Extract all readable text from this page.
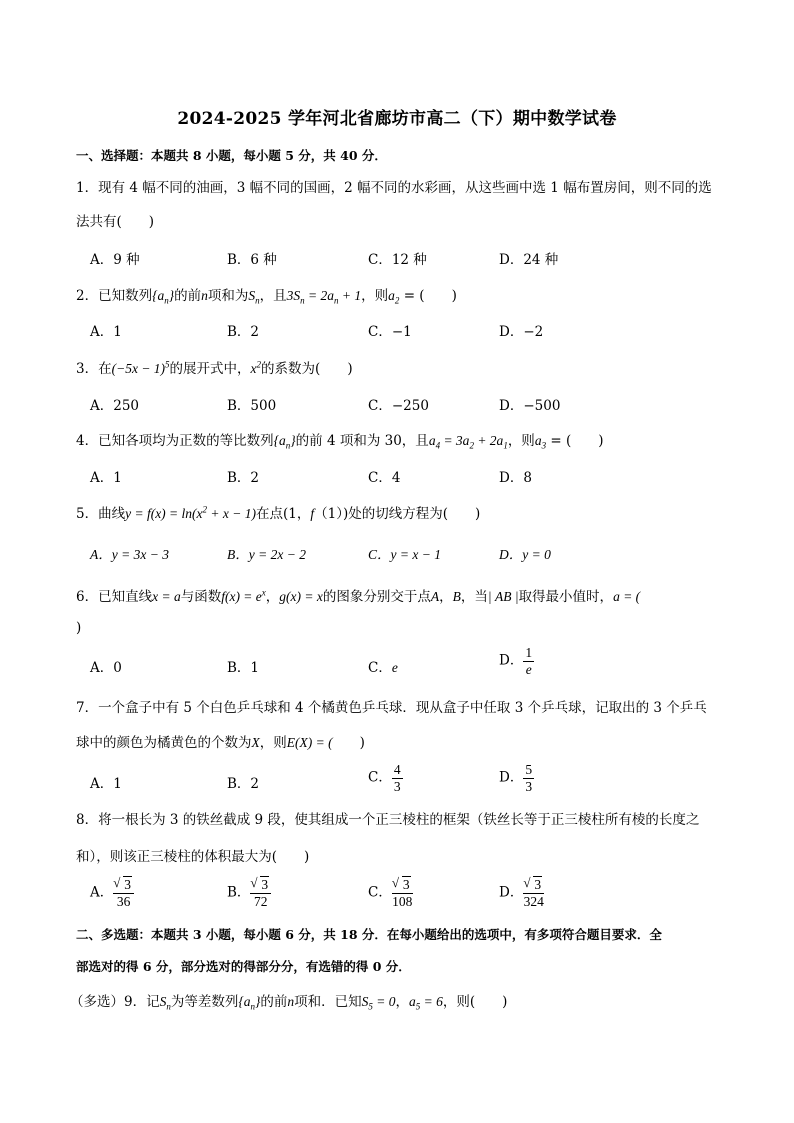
2024-2025 学年河北省廊坊市高二（下）期中数学试卷
一、选择题：本题共 8 小题，每小题 5 分，共 40 分．
1．现有 4 幅不同的油画，3 幅不同的国画，2 幅不同的水彩画，从这些画中选 1 幅布置房间，则不同的选
法共有(　　)
A．9 种	B．6 种	C．12 种	D．24 种
2．已知数列$\{a_n\}$的前n项和为$S_n$，且$3S_n = 2a_n + 1$，则$a_2$ = (　　)
A．1	B．2	C．−1	D．−2
3．在$(-5x - 1)^5$的展开式中，$x^2$的系数为(　　)
A．250	B．500	C．−250	D．−500
4．已知各项均为正数的等比数列$\{a_n\}$的前 4 项和为 30，且$a_4 = 3a_2 + 2a_1$，则$a_3$ = (　　)
A．1	B．2	C．4	D．8
5．曲线$y = f(x) = \ln(x^2 + x - 1)$在点(1，f（1）)处的切线方程为(　　)
A．y = 3x − 3	B．y = 2x − 2	C．y = x − 1	D．y = 0
6．已知直线x = a与函数$f(x) = e^x$，g(x) = x的图象分别交于点A，B，当| AB |取得最小值时，a = (
)
A．0	B．1	C．e	D． $\frac{1}{e}$
7．一个盒子中有 5 个白色乒乓球和 4 个橘黄色乒乓球．现从盒子中任取 3 个乒乓球，记取出的 3 个乒乓
球中的颜色为橘黄色的个数为X，则E(X) = (　　)
A．1	B．2	C． $\frac{4}{3}$	D． $\frac{5}{3}$
8．将一根长为 3 的铁丝截成 9 段，使其组成一个正三棱柱的框架（铁丝长等于正三棱柱所有棱的长度之
和），则该正三棱柱的体积最大为(　　)
A． √ $\frac{3}{36}$	B． √ $\frac{3}{72}$	C． √ $\frac{3}{108}$	D． √ $\frac{3}{324}$
二、多选题：本题共 3 小题，每小题 6 分，共 18 分．在每小题给出的选项中，有多项符合题目要求．全
部选对的得 6 分，部分选对的得部分分，有选错的得 0 分．
（多选）9．记$S_n$为等差数列$\{a_n\}$的前n项和．已知$S_5 = 0$，$a_5 = 6$，则(　　)
